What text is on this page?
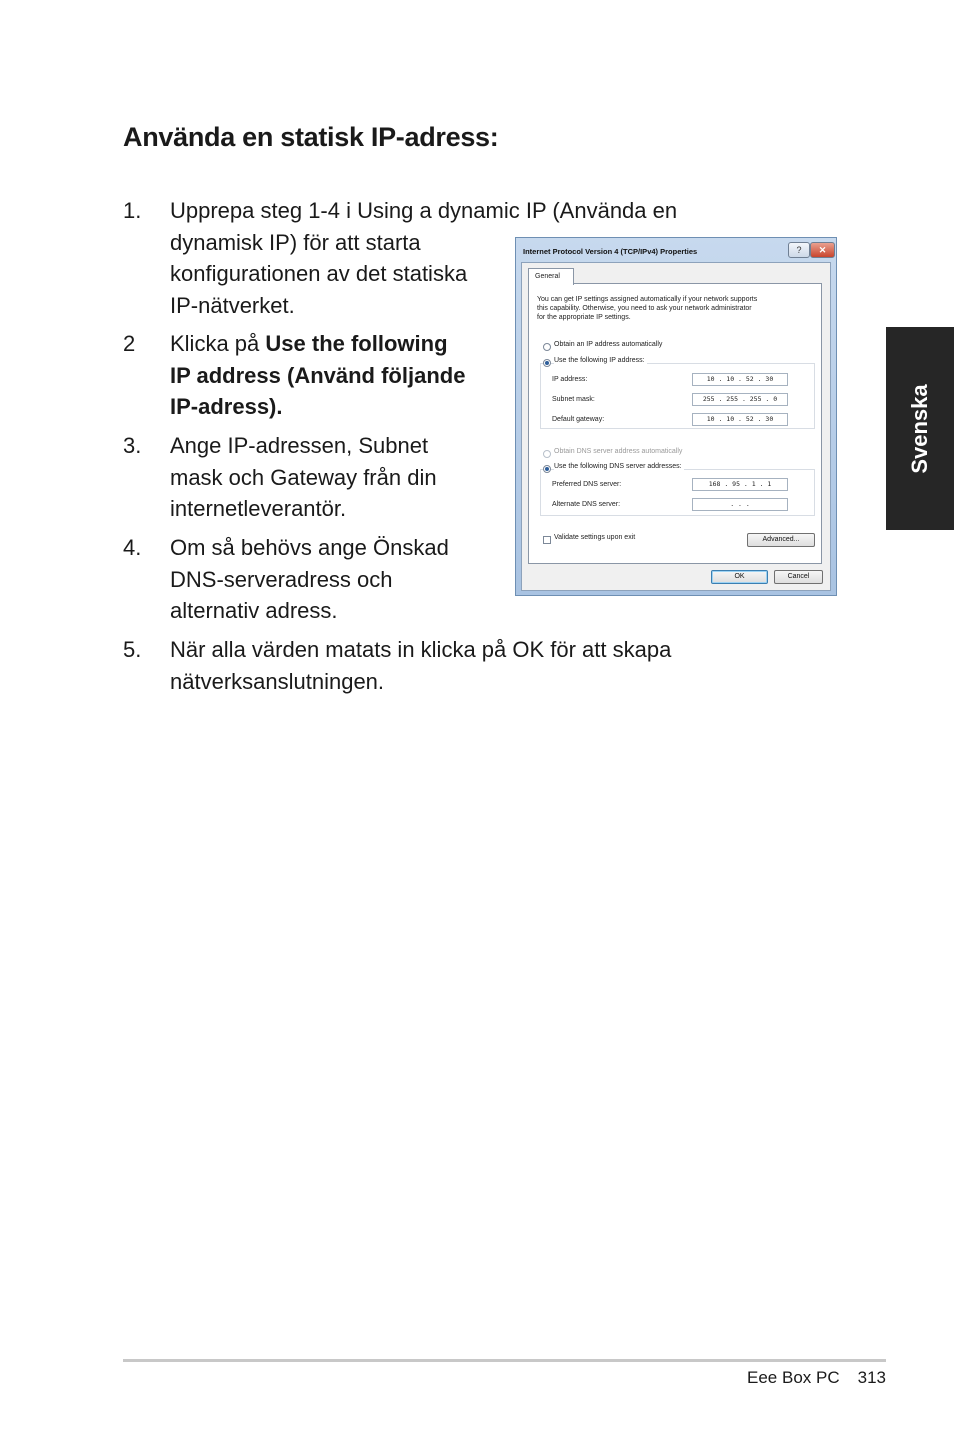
Använda en statisk IP-adress:
1. Upprepa steg 1-4 i Using a dynamic IP (Använda en
dynamisk IP) för att starta
konfigurationen av det statiska
IP-nätverket.
2 Klicka på Use the following
IP address (Använd följande
IP-adress).
3. Ange IP-adressen, Subnet
mask och Gateway från din
internetleverantör.
4. Om så behövs ange Önskad
DNS-serveradress och
alternativ adress.
5. När alla värden matats in klicka på OK för att skapa
nätverksanslutningen.
Internet Protocol Version 4 (TCP/IPv4) Properties	?	✕
General
You can get IP settings assigned automatically if your network supports
this capability. Otherwise, you need to ask your network administrator
for the appropriate IP settings.
Obtain an IP address automatically
Use the following IP address:
IP address:	10 . 10 . 52 . 30
Subnet mask:	255 . 255 . 255 . 0
Default gateway:	10 . 10 . 52 . 30
Obtain DNS server address automatically
Use the following DNS server addresses:
Preferred DNS server:	168 . 95 . 1 . 1
Alternate DNS server:	. . .
Validate settings upon exit	Advanced...
OK	Cancel
Svenska
Eee Box PC 313
